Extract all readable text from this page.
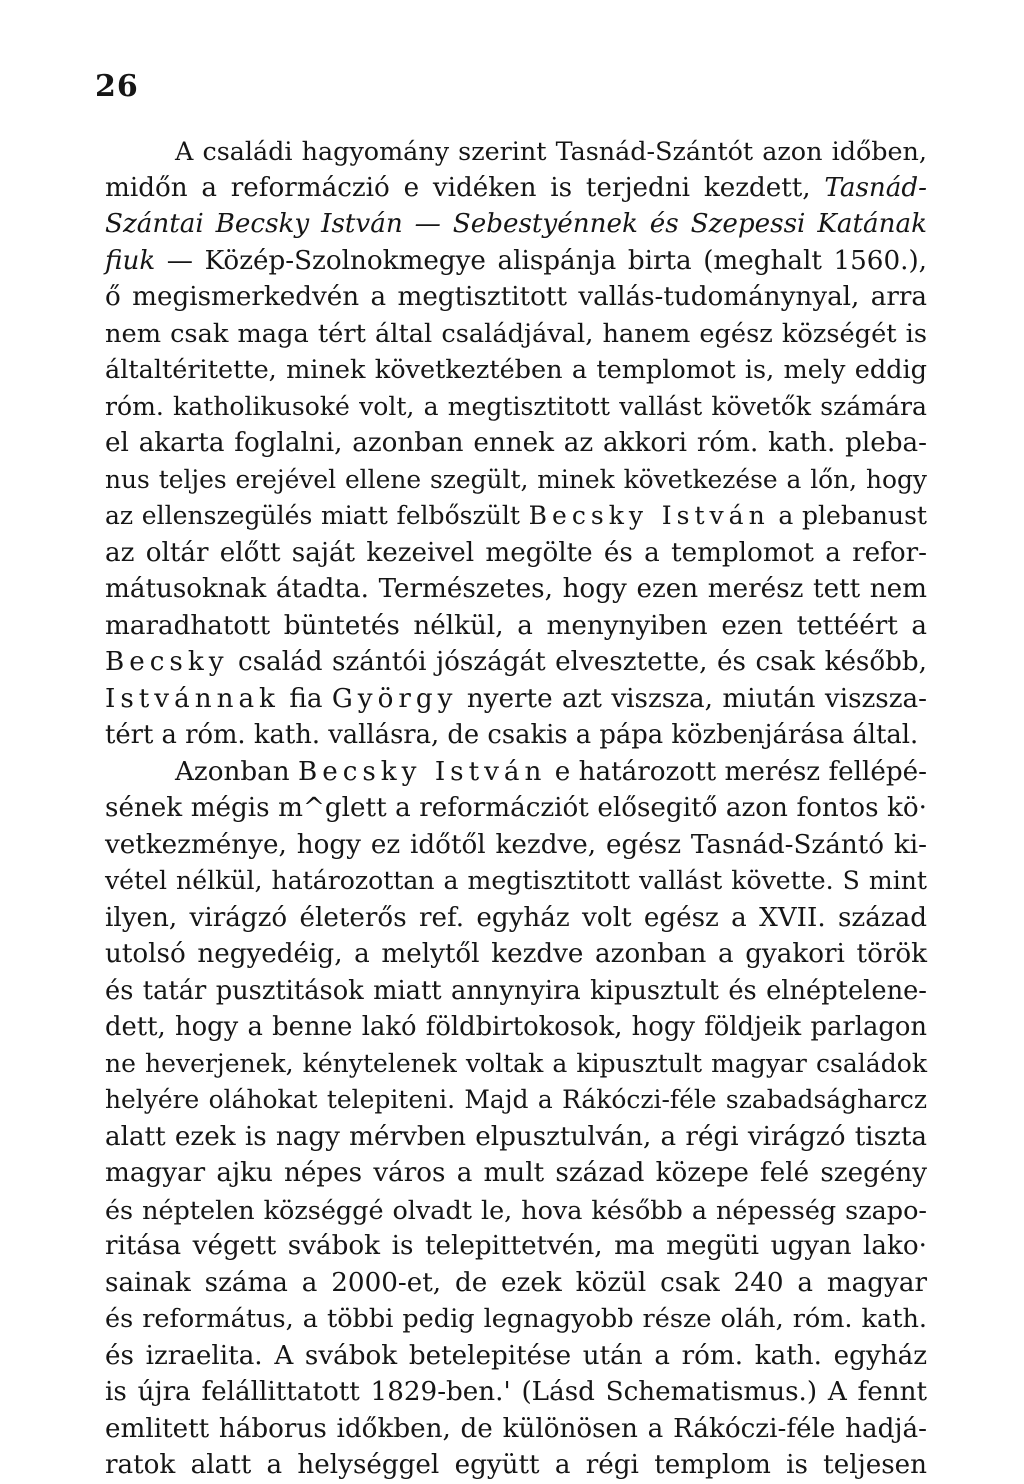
26
A családi hagyomány szerint Tasnád-Szántót azon időben,
midőn a reformáczió e vidéken is terjedni kezdett, Tasnád-
Szántai Becsky István — Sebestyénnek és Szepessi Katának
fiuk — Közép-Szolnokmegye alispánja birta (meghalt 1560.),
ő megismerkedvén a megtisztitott vallás-tudománynyal, arra
nem csak maga tért által családjával, hanem egész községét is
általtéritette, minek következtében a templomot is, mely eddig
róm. katholikusoké volt, a megtisztitott vallást követők számára
el akarta foglalni, azonban ennek az akkori róm. kath. pleba-
nus teljes erejével ellene szegült, minek következése a lőn, hogy
az ellenszegülés miatt felbőszült Becsky István a plebanust
az oltár előtt saját kezeivel megölte és a templomot a refor-
mátusoknak átadta. Természetes, hogy ezen merész tett nem
maradhatott büntetés nélkül, a menynyiben ezen tettéért a
Becsky család szántói jószágát elvesztette, és csak később,
Istvánnak fia György nyerte azt viszsza, miután viszsza-
tért a róm. kath. vallásra, de csakis a pápa közbenjárása által.
Azonban Becsky István e határozott merész fellépé-
sének mégis m^glett a reformácziót elősegitő azon fontos kö·
vetkezménye, hogy ez időtől kezdve, egész Tasnád-Szántó ki-
vétel nélkül, határozottan a megtisztitott vallást követte. S mint
ilyen, virágzó életerős ref. egyház volt egész a XVII. század
utolsó negyedéig, a melytől kezdve azonban a gyakori török
és tatár pusztitások miatt annynyira kipusztult és elnéptelene-
dett, hogy a benne lakó földbirtokosok, hogy földjeik parlagon
ne heverjenek, kénytelenek voltak a kipusztult magyar családok
helyére oláhokat telepiteni. Majd a Rákóczi-féle szabadságharcz
alatt ezek is nagy mérvben elpusztulván, a régi virágzó tiszta
magyar ajku népes város a mult század közepe felé szegény
és néptelen községgé olvadt le, hova később a népesség szapo-
ritása végett svábok is telepittetvén, ma megüti ugyan lako·
sainak száma a 2000-et, de ezek közül csak 240 a magyar
és református, a többi pedig legnagyobb része oláh, róm. kath.
és izraelita. A svábok betelepitése után a róm. kath. egyház
is újra felállittatott 1829-ben.' (Lásd Schematismus.) A fennt
emlitett háborus időkben, de különösen a Rákóczi-féle hadjá-
ratok alatt a helységgel együtt a régi templom is teljesen
